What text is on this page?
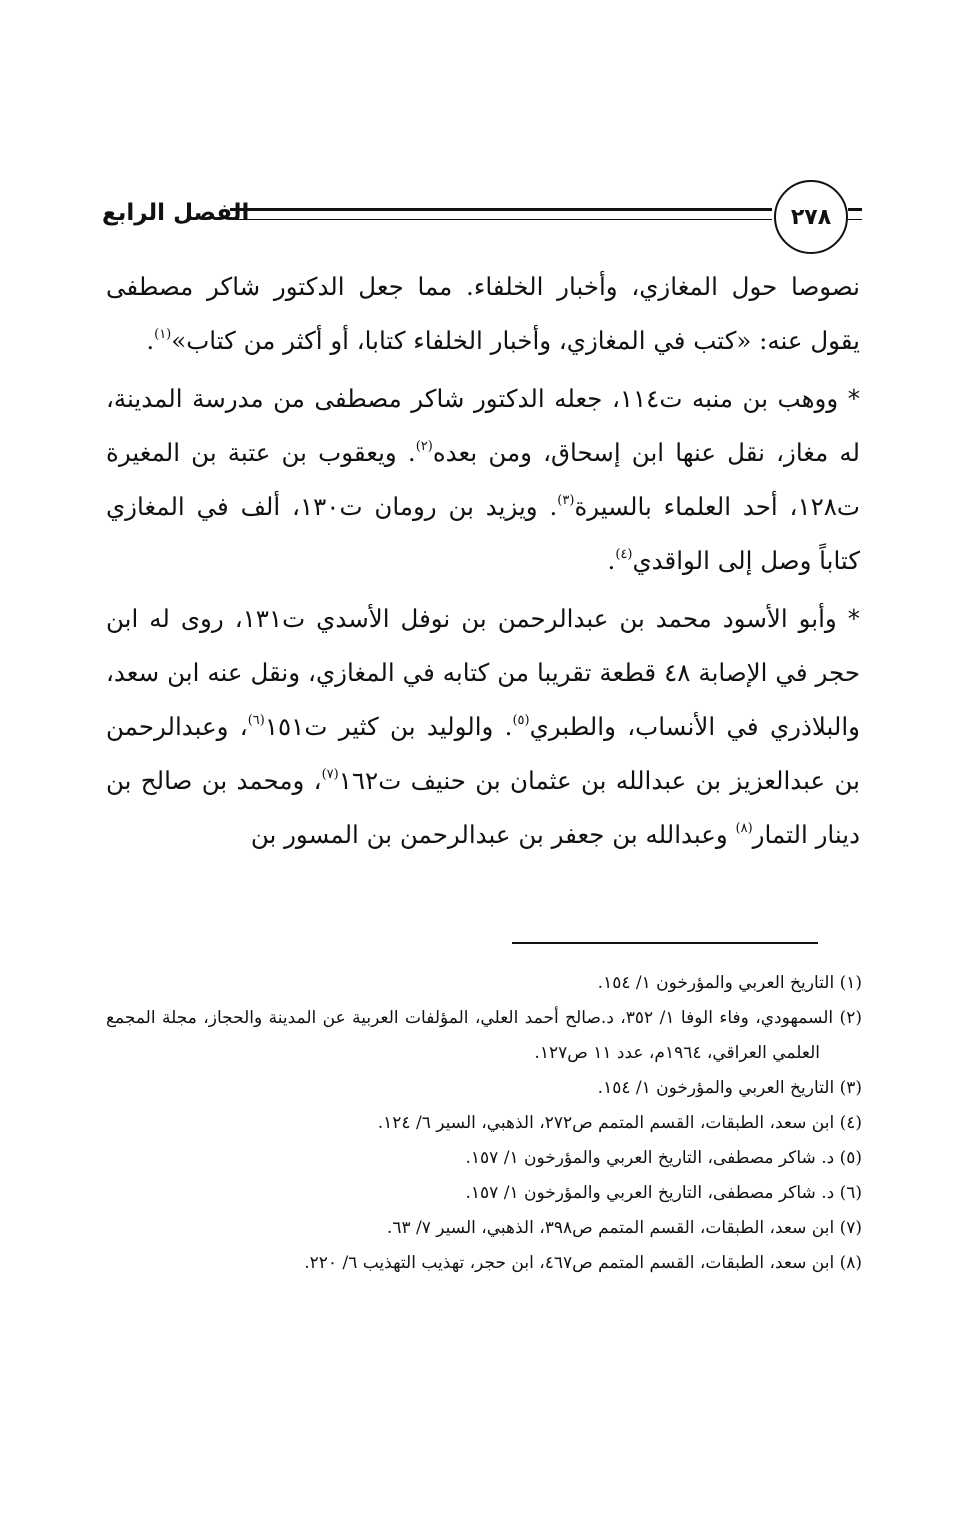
٢٧٨
الفصل الرابع

نصوصا حول المغازي، وأخبار الخلفاء. مما جعل الدكتور شاكر مصطفى يقول عنه: «كتب في المغازي، وأخبار الخلفاء كتابا، أو أكثر من كتاب»$^{(١)}$.

* ووهب بن منبه ت١١٤، جعله الدكتور شاكر مصطفى من مدرسة المدينة، له مغاز، نقل عنها ابن إسحاق، ومن بعده$^{(٢)}$. ويعقوب بن عتبة بن المغيرة ت١٢٨، أحد العلماء بالسيرة$^{(٣)}$. ويزيد بن رومان ت١٣٠، ألف في المغازي كتاباً وصل إلى الواقدي$^{(٤)}$.

* وأبو الأسود محمد بن عبدالرحمن بن نوفل الأسدي ت١٣١، روى له ابن حجر في الإصابة ٤٨ قطعة تقريبا من كتابه في المغازي، ونقل عنه ابن سعد، والبلاذري في الأنساب، والطبري$^{(٥)}$. والوليد بن كثير ت١٥١$^{(٦)}$، وعبدالرحمن بن عبدالعزيز بن عبدالله بن عثمان بن حنيف ت١٦٢$^{(٧)}$، ومحمد بن صالح بن دينار التمار$^{(٨)}$ وعبدالله بن جعفر بن عبدالرحمن بن المسور بن

(١) التاريخ العربي والمؤرخون ١/ ١٥٤.

(٢) السمهودي، وفاء الوفا ١/ ٣٥٢، د.صالح أحمد العلي، المؤلفات العربية عن المدينة والحجاز، مجلة المجمع العلمي العراقي، ١٩٦٤م، عدد ١١ ص١٢٧.

(٣) التاريخ العربي والمؤرخون ١/ ١٥٤.

(٤) ابن سعد، الطبقات، القسم المتمم ص٢٧٢، الذهبي، السير ٦/ ١٢٤.

(٥) د. شاكر مصطفى، التاريخ العربي والمؤرخون ١/ ١٥٧.

(٦) د. شاكر مصطفى، التاريخ العربي والمؤرخون ١/ ١٥٧.

(٧) ابن سعد، الطبقات، القسم المتمم ص٣٩٨، الذهبي، السير ٧/ ٦٣.

(٨) ابن سعد، الطبقات، القسم المتمم ص٤٦٧، ابن حجر، تهذيب التهذيب ٦/ ٢٢٠.
